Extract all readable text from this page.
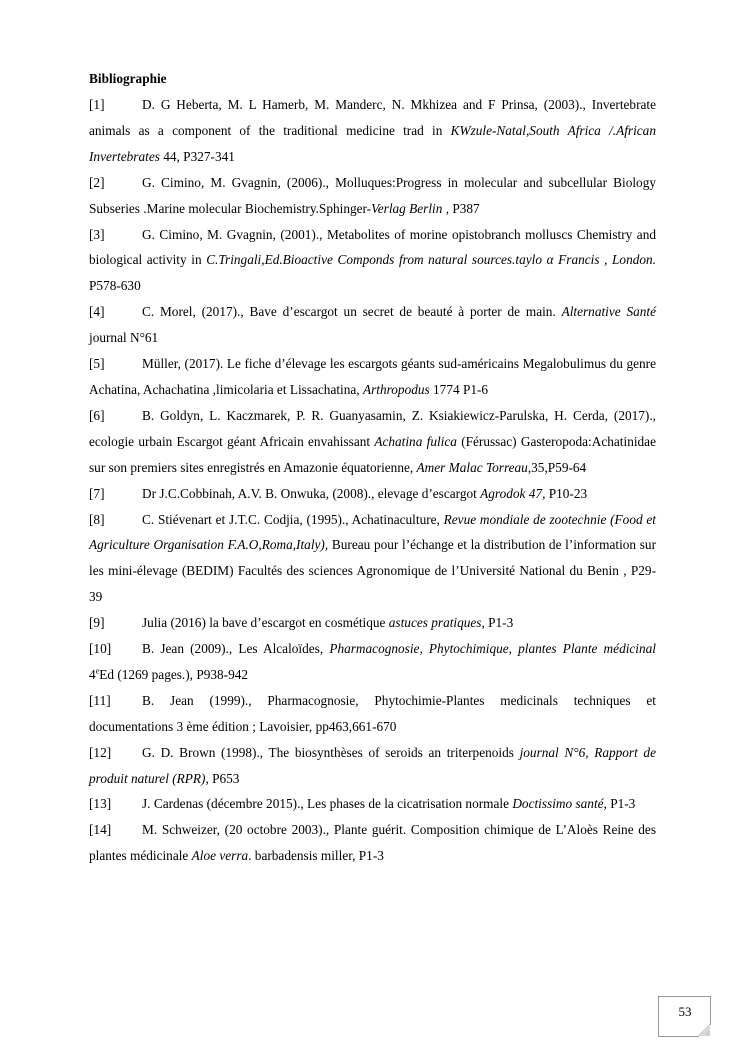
Bibliographie

[1]	D. G Heberta, M. L Hamerb, M. Manderc, N. Mkhizea and F Prinsa, (2003)., Invertebrate animals as a component of the traditional medicine trad in KWzule-Natal,South Africa /.African Invertebrates 44, P327-341

[2]	G. Cimino, M. Gvagnin, (2006)., Molluques:Progress in molecular and subcellular Biology Subseries .Marine molecular Biochemistry.Sphinger-Verlag Berlin , P387

[3]	G. Cimino, M. Gvagnin, (2001)., Metabolites of morine opistobranch molluscs Chemistry and biological activity in C.Tringali,Ed.Bioactive Componds from natural sources.taylo α Francis , London. P578-630

[4]	C. Morel, (2017)., Bave d’escargot un secret de beauté à porter de main. Alternative Santé journal N°61

[5]	Müller, (2017). Le fiche d’élevage les escargots géants sud-américains Megalobulimus du genre Achatina, Achachatina ,limicolaria et Lissachatina, Arthropodus 1774 P1-6

[6]	B. Goldyn, L. Kaczmarek, P. R. Guanyasamin, Z. Ksiakiewicz-Parulska, H. Cerda, (2017)., ecologie urbain Escargot géant Africain envahissant Achatina fulica (Férussac) Gasteropoda:Achatinidae sur son premiers sites enregistrés en Amazonie équatorienne, Amer Malac Torreau,35,P59-64

[7]	Dr J.C.Cobbinah, A.V. B. Onwuka, (2008)., elevage d’escargot Agrodok 47, P10-23

[8]	C. Stiévenart et J.T.C. Codjia, (1995)., Achatinaculture, Revue mondiale de zootechnie (Food et Agriculture Organisation F.A.O,Roma,Italy), Bureau pour l’échange et la distribution de l’information sur les mini-élevage (BEDIM) Facultés des sciences Agronomique de l’Université National du Benin , P29-39

[9]	Julia (2016) la bave d’escargot en cosmétique astuces pratiques, P1-3

[10] B. Jean (2009)., Les Alcaloïdes, Pharmacognosie, Phytochimique, plantes Plante médicinal 4eEd (1269 pages.), P938-942

[11] B. Jean (1999)., Pharmacognosie, Phytochimie-Plantes medicinals techniques et documentations 3 ème édition ; Lavoisier, pp463,661-670

[12] G. D. Brown (1998)., The biosynthèses of seroids an triterpenoids journal N°6, Rapport de produit naturel (RPR), P653

[13] J. Cardenas (décembre 2015)., Les phases de la cicatrisation normale Doctissimo santé, P1-3

[14] M. Schweizer, (20 octobre 2003)., Plante guérit. Composition chimique de L’Aloès Reine des plantes médicinale Aloe verra. barbadensis miller, P1-3

53
